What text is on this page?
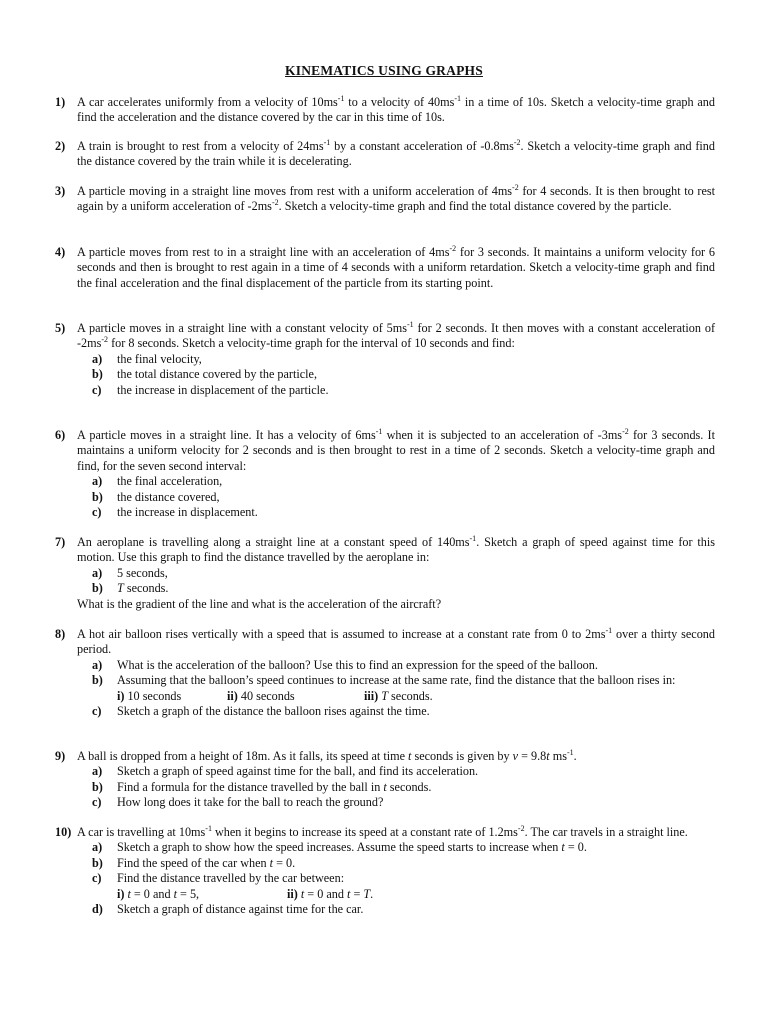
KINEMATICS USING GRAPHS
1) A car accelerates uniformly from a velocity of $10ms^{-1}$ to a velocity of $40ms^{-1}$ in a time of 10s. Sketch a velocity-time graph and find the acceleration and the distance covered by the car in this time of 10s.

2) A train is brought to rest from a velocity of $24ms^{-1}$ by a constant acceleration of $-0.8ms^{-2}$. Sketch a velocity-time graph and find the distance covered by the train while it is decelerating.

3) A particle moving in a straight line moves from rest with a uniform acceleration of $4ms^{-2}$ for 4 seconds. It is then brought to rest again by a uniform acceleration of $-2ms^{-2}$. Sketch a velocity-time graph and find the total distance covered by the particle.

4) A particle moves from rest to in a straight line with an acceleration of $4ms^{-2}$ for 3 seconds. It maintains a uniform velocity for 6 seconds and then is brought to rest again in a time of 4 seconds with a uniform retardation. Sketch a velocity-time graph and find the final acceleration and the final displacement of the particle from its starting point.

5) A particle moves in a straight line with a constant velocity of $5ms^{-1}$ for 2 seconds. It then moves with a constant acceleration of $-2ms^{-2}$ for 8 seconds. Sketch a velocity-time graph for the interval of 10 seconds and find:

a) the final velocity,
b) the total distance covered by the particle,
c) the increase in displacement of the particle.
6) A particle moves in a straight line. It has a velocity of $6ms^{-1}$ when it is subjected to an acceleration of $-3ms^{-2}$ for 3 seconds. It maintains a uniform velocity for 2 seconds and is then brought to rest in a time of 2 seconds. Sketch a velocity-time graph and find, for the seven second interval:

a) the final acceleration,
b) the distance covered,
c) the increase in displacement.
7) An aeroplane is travelling along a straight line at a constant speed of $140ms^{-1}$. Sketch a graph of speed against time for this motion. Use this graph to find the distance travelled by the aeroplane in:

a) 5 seconds,
b) T seconds.

What is the gradient of the line and what is the acceleration of the aircraft?

8) A hot air balloon rises vertically with a speed that is assumed to increase at a constant rate from 0 to $2ms^{-1}$ over a thirty second period.

a) What is the acceleration of the balloon? Use this to find an expression for the speed of the balloon.
b) Assuming that the balloon’s speed continues to increase at the same rate, find the distance that the balloon rises in:
i) 10 seconds	ii) 40 seconds	iii) T seconds.
c) Sketch a graph of the distance the balloon rises against the time.
9) A ball is dropped from a height of 18m. As it falls, its speed at time t seconds is given by v = 9.8t $ms^{-1}$.

a) Sketch a graph of speed against time for the ball, and find its acceleration.
b) Find a formula for the distance travelled by the ball in t seconds.
c) How long does it take for the ball to reach the ground?
10) A car is travelling at $10ms^{-1}$ when it begins to increase its speed at a constant rate of $1.2ms^{-2}$. The car travels in a straight line.

a) Sketch a graph to show how the speed increases. Assume the speed starts to increase when t = 0.
b) Find the speed of the car when t = 0.
c) Find the distance travelled by the car between:
i) t = 0 and t = 5,	ii) t = 0 and t = T.
d) Sketch a graph of distance against time for the car.
